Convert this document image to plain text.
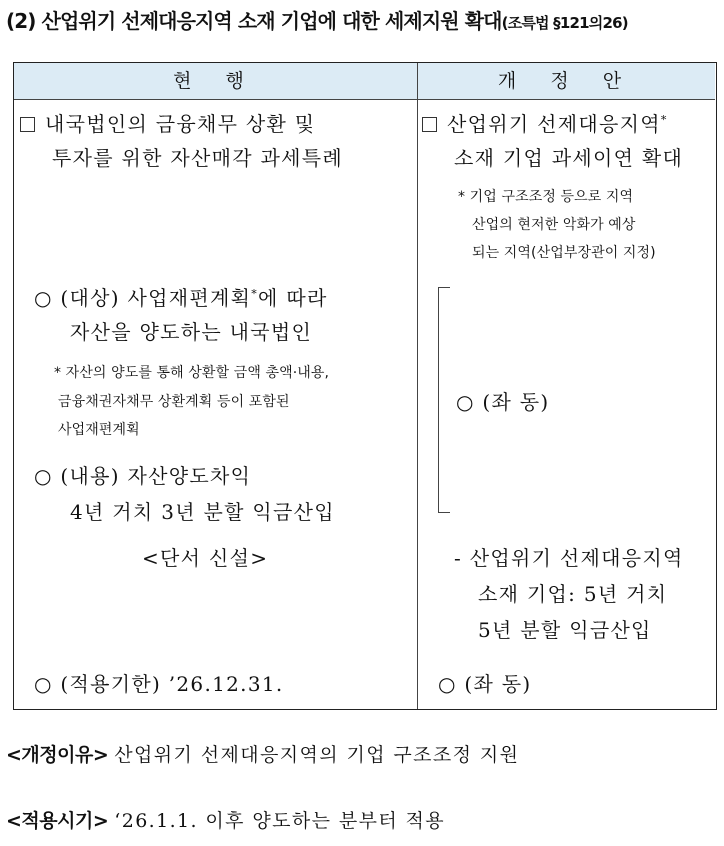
(2) 산업위기 선제대응지역 소재 기업에 대한 세제지원 확대(조특법 §121의26)
현 행	개 정 안
내국법인의 금융채무 상환 및
투자를 위한 자산매각 과세특례
○ (대상) 사업재편계획*에 따라
자산을 양도하는 내국법인
* 자산의 양도를 통해 상환할 금액 총액·내용,
금융채권자채무 상환계획 등이 포함된
사업재편계획
○ (내용) 자산양도차익
4년 거치 3년 분할 익금산입
<단서 신설>
○ (적용기한) ’26.12.31.
산업위기 선제대응지역*
소재 기업 과세이연 확대
* 기업 구조조정 등으로 지역
산업의 현저한 악화가 예상
되는 지역(산업부장관이 지정)
○ (좌 동)
- 산업위기 선제대응지역
소재 기업: 5년 거치
5년 분할 익금산입
○ (좌 동)
<개정이유> 산업위기 선제대응지역의 기업 구조조정 지원
<적용시기> ‘26.1.1. 이후 양도하는 분부터 적용
